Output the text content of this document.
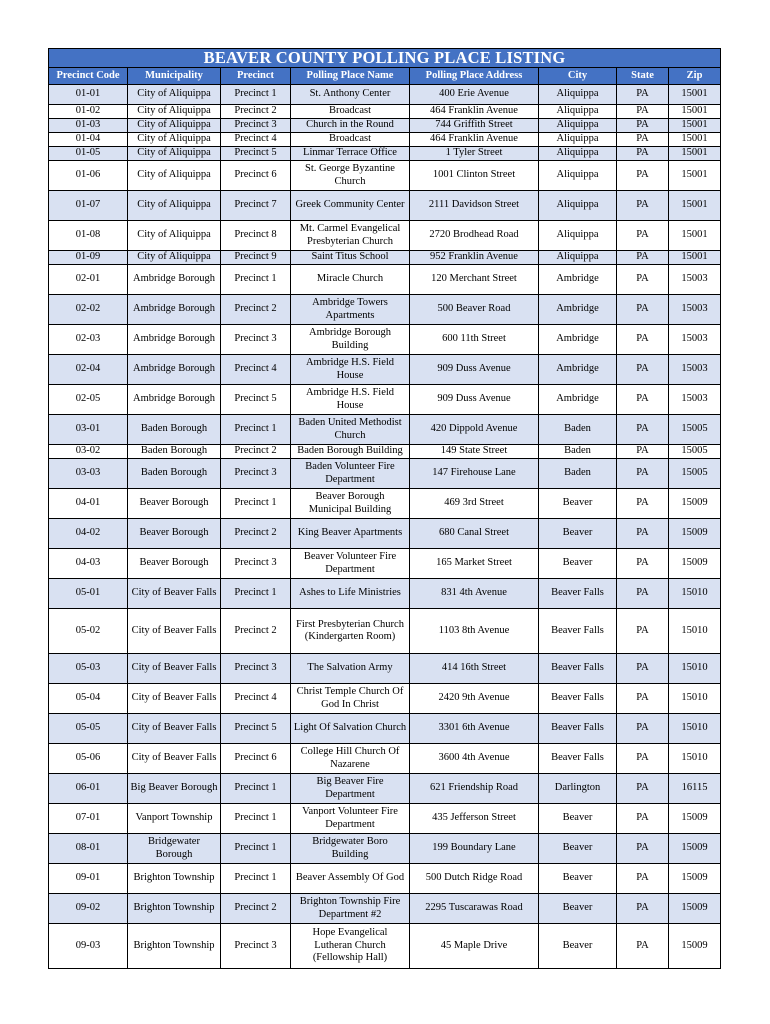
BEAVER COUNTY POLLING PLACE LISTING							
Precinct Code	Municipality	Precinct	Polling Place Name	Polling Place Address	City	State	Zip
01-01	City of Aliquippa	Precinct 1	St. Anthony Center	400 Erie Avenue	Aliquippa	PA	15001
01-02	City of Aliquippa	Precinct 2	Broadcast	464 Franklin Avenue	Aliquippa	PA	15001
01-03	City of Aliquippa	Precinct 3	Church in the Round	744 Griffith Street	Aliquippa	PA	15001
01-04	City of Aliquippa	Precinct 4	Broadcast	464 Franklin Avenue	Aliquippa	PA	15001
01-05	City of Aliquippa	Precinct 5	Linmar Terrace Office	1 Tyler Street	Aliquippa	PA	15001
01-06	City of Aliquippa	Precinct 6	St. George Byzantine Church	1001 Clinton Street	Aliquippa	PA	15001
01-07	City of Aliquippa	Precinct 7	Greek Community Center	2111 Davidson Street	Aliquippa	PA	15001
01-08	City of Aliquippa	Precinct 8	Mt. Carmel Evangelical Presbyterian Church	2720 Brodhead Road	Aliquippa	PA	15001
01-09	City of Aliquippa	Precinct 9	Saint Titus School	952 Franklin Avenue	Aliquippa	PA	15001
02-01	Ambridge Borough	Precinct 1	Miracle Church	120 Merchant Street	Ambridge	PA	15003
02-02	Ambridge Borough	Precinct 2	Ambridge Towers Apartments	500 Beaver Road	Ambridge	PA	15003
02-03	Ambridge Borough	Precinct 3	Ambridge Borough Building	600 11th Street	Ambridge	PA	15003
02-04	Ambridge Borough	Precinct 4	Ambridge H.S. Field House	909 Duss Avenue	Ambridge	PA	15003
02-05	Ambridge Borough	Precinct 5	Ambridge H.S. Field House	909 Duss Avenue	Ambridge	PA	15003
03-01	Baden Borough	Precinct 1	Baden United Methodist Church	420 Dippold Avenue	Baden	PA	15005
03-02	Baden Borough	Precinct 2	Baden Borough Building	149 State Street	Baden	PA	15005
03-03	Baden Borough	Precinct 3	Baden Volunteer Fire Department	147 Firehouse Lane	Baden	PA	15005
04-01	Beaver Borough	Precinct 1	Beaver Borough Municipal Building	469 3rd Street	Beaver	PA	15009
04-02	Beaver Borough	Precinct 2	King Beaver Apartments	680 Canal Street	Beaver	PA	15009
04-03	Beaver Borough	Precinct 3	Beaver Volunteer Fire Department	165 Market Street	Beaver	PA	15009
05-01	City of Beaver Falls	Precinct 1	Ashes to Life Ministries	831 4th Avenue	Beaver Falls	PA	15010
05-02	City of Beaver Falls	Precinct 2	First Presbyterian Church (Kindergarten Room)	1103 8th Avenue	Beaver Falls	PA	15010
05-03	City of Beaver Falls	Precinct 3	The Salvation Army	414 16th Street	Beaver Falls	PA	15010
05-04	City of Beaver Falls	Precinct 4	Christ Temple Church Of God In Christ	2420 9th Avenue	Beaver Falls	PA	15010
05-05	City of Beaver Falls	Precinct 5	Light Of Salvation Church	3301 6th Avenue	Beaver Falls	PA	15010
05-06	City of Beaver Falls	Precinct 6	College Hill Church Of Nazarene	3600 4th Avenue	Beaver Falls	PA	15010
06-01	Big Beaver Borough	Precinct 1	Big Beaver Fire Department	621 Friendship Road	Darlington	PA	16115
07-01	Vanport Township	Precinct 1	Vanport Volunteer Fire Department	435 Jefferson Street	Beaver	PA	15009
08-01	Bridgewater Borough	Precinct 1	Bridgewater Boro Building	199 Boundary Lane	Beaver	PA	15009
09-01	Brighton Township	Precinct 1	Beaver Assembly Of God	500 Dutch Ridge Road	Beaver	PA	15009
09-02	Brighton Township	Precinct 2	Brighton Township Fire Department #2	2295 Tuscarawas Road	Beaver	PA	15009
09-03	Brighton Township	Precinct 3	Hope Evangelical Lutheran Church (Fellowship Hall)	45 Maple Drive	Beaver	PA	15009
